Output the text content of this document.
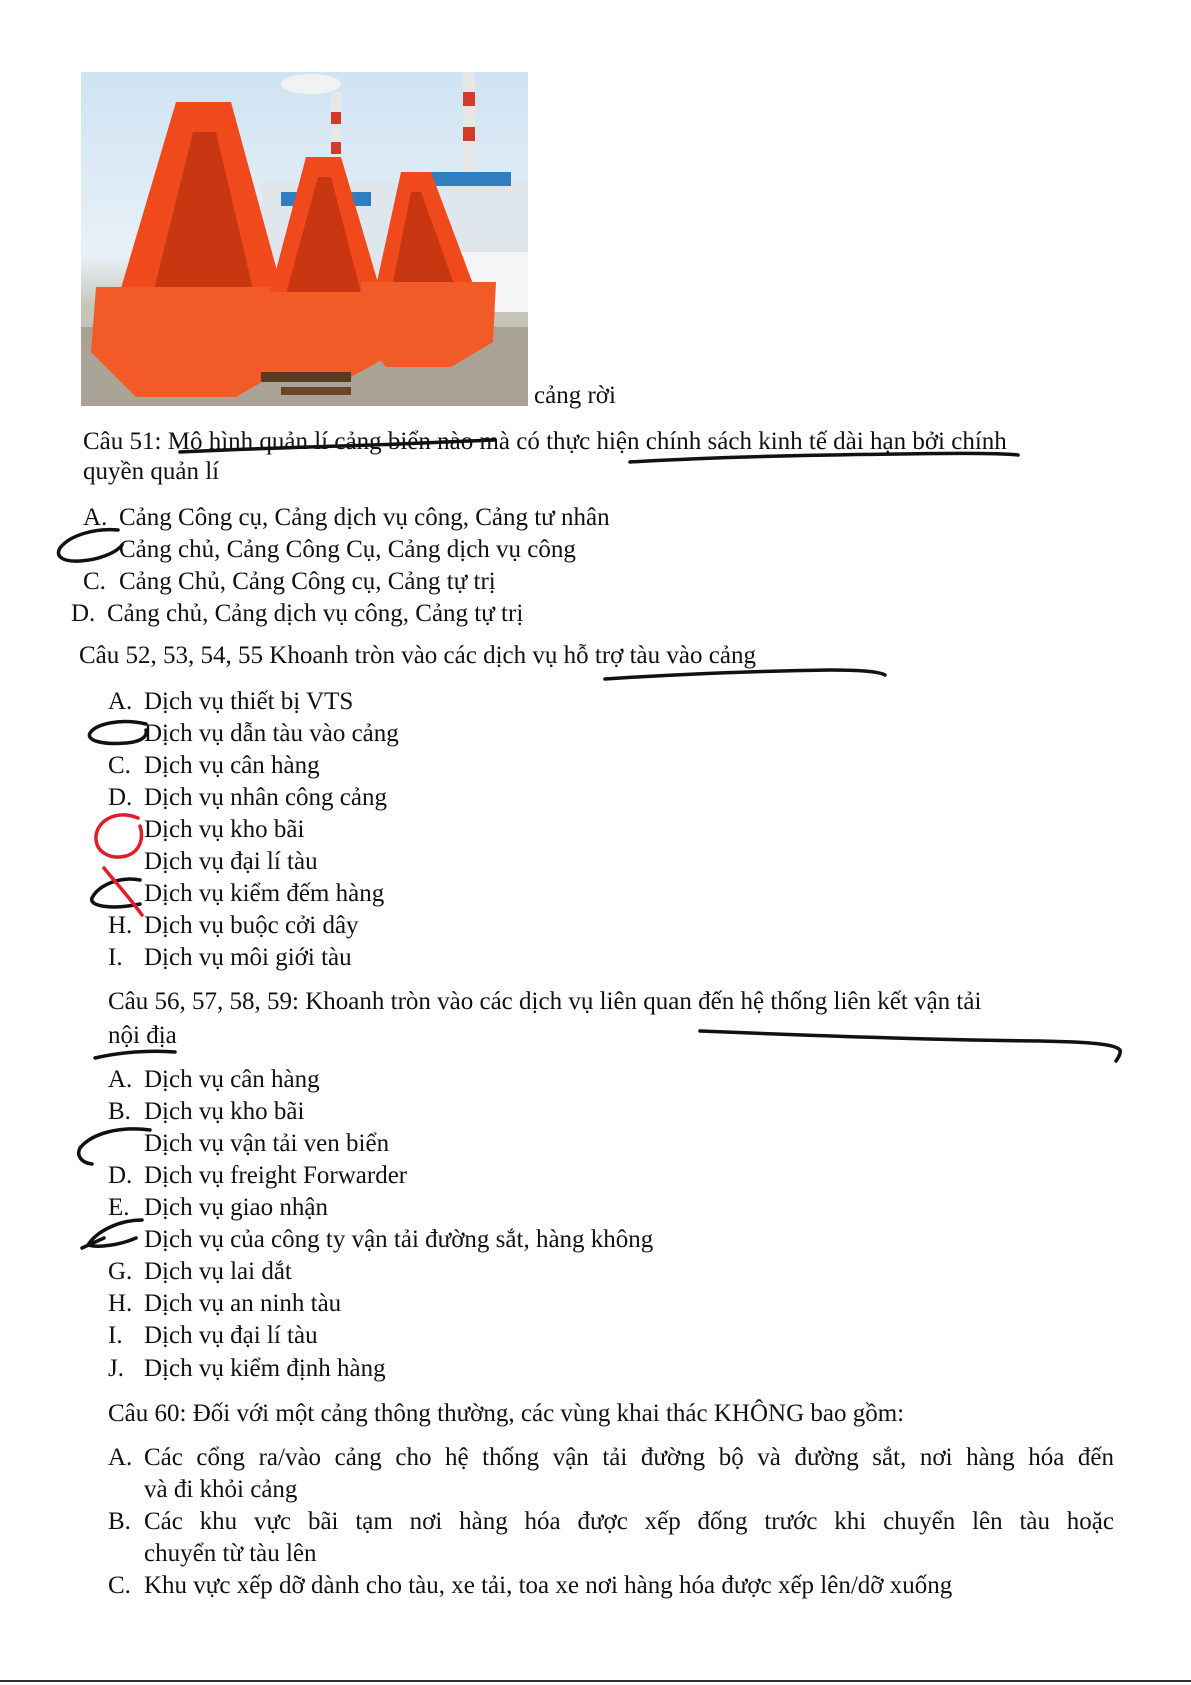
cảng rời
Câu 51: Mô hình quản lí cảng biển nào mà có thực hiện chính sách kinh tế dài hạn bởi chính
quyền quản lí
A. Cảng Công cụ, Cảng dịch vụ công, Cảng tư nhân
Cảng chủ, Cảng Công Cụ, Cảng dịch vụ công
C. Cảng Chủ, Cảng Công cụ, Cảng tự trị
D. Cảng chủ, Cảng dịch vụ công, Cảng tự trị
Câu 52, 53, 54, 55 Khoanh tròn vào các dịch vụ hỗ trợ tàu vào cảng
A. Dịch vụ thiết bị VTS
Dịch vụ dẫn tàu vào cảng
C. Dịch vụ cân hàng
D. Dịch vụ nhân công cảng
Dịch vụ kho bãi
Dịch vụ đại lí tàu
Dịch vụ kiểm đếm hàng
H. Dịch vụ buộc cởi dây
I. Dịch vụ môi giới tàu
Câu 56, 57, 58, 59: Khoanh tròn vào các dịch vụ liên quan đến hệ thống liên kết vận tải
nội địa
A. Dịch vụ cân hàng
B. Dịch vụ kho bãi
Dịch vụ vận tải ven biển
D. Dịch vụ freight Forwarder
E. Dịch vụ giao nhận
Dịch vụ của công ty vận tải đường sắt, hàng không
G. Dịch vụ lai dắt
H. Dịch vụ an ninh tàu
I. Dịch vụ đại lí tàu
J. Dịch vụ kiểm định hàng
Câu 60: Đối với một cảng thông thường, các vùng khai thác KHÔNG bao gồm:
A. Các cổng ra/vào cảng cho hệ thống vận tải đường bộ và đường sắt, nơi hàng hóa đến
và đi khỏi cảng
B. Các khu vực bãi tạm nơi hàng hóa được xếp đống trước khi chuyển lên tàu hoặc
chuyển từ tàu lên
C. Khu vực xếp dỡ dành cho tàu, xe tải, toa xe nơi hàng hóa được xếp lên/dỡ xuống
